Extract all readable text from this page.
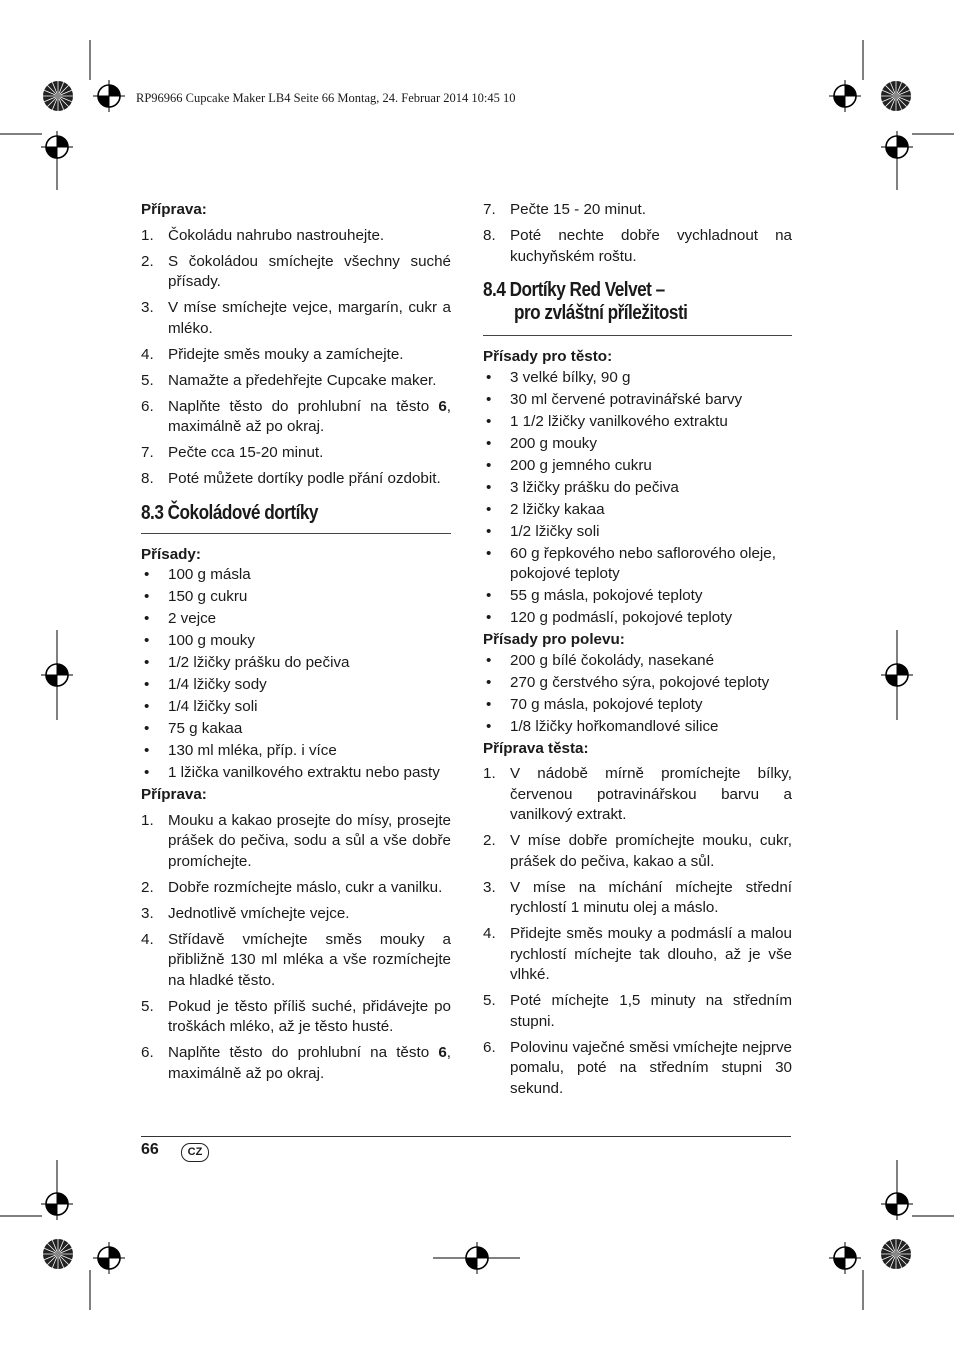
RP96966 Cupcake Maker LB4 Seite 66 Montag, 24. Februar 2014 10:45 10

Příprava:

1. Čokoládu nahrubo nastrouhejte.
2. S čokoládou smíchejte všechny suché přísady.
3. V míse smíchejte vejce, margarín, cukr a mléko.
4. Přidejte směs mouky a zamíchejte.
5. Namažte a předehřejte Cupcake maker.
6. Naplňte těsto do prohlubní na těsto 6, maximálně až po okraj.
7. Pečte cca 15-20 minut.
8. Poté můžete dortíky podle přání ozdobit.
8.3 Čokoládové dortíky

Přísady:

• 100 g másla
• 150 g cukru
• 2 vejce
• 100 g mouky
• 1/2 lžičky prášku do pečiva
• 1/4 lžičky sody
• 1/4 lžičky soli
• 75 g kakaa
• 130 ml mléka, příp. i více
• 1 lžička vanilkového extraktu nebo pasty

Příprava:

1. Mouku a kakao prosejte do mísy, prosejte prášek do pečiva, sodu a sůl a vše dobře promíchejte.
2. Dobře rozmíchejte máslo, cukr a vanilku.
3. Jednotlivě vmíchejte vejce.
4. Střídavě vmíchejte směs mouky a přibližně 130 ml mléka a vše rozmíchejte na hladké těsto.
5. Pokud je těsto příliš suché, přidávejte po troškách mléko, až je těsto husté.
6. Naplňte těsto do prohlubní na těsto 6, maximálně až po okraj.
7. Pečte 15 - 20 minut.
8. Poté nechte dobře vychladnout na kuchyňském roštu.
8.4 Dortíky Red Velvet –
pro zvláštní příležitosti

Přísady pro těsto:

• 3 velké bílky, 90 g
• 30 ml červené potravinářské barvy
• 1 1/2 lžičky vanilkového extraktu
• 200 g mouky
• 200 g jemného cukru
• 3 lžičky prášku do pečiva
• 2 lžičky kakaa
• 1/2 lžičky soli
• 60 g řepkového nebo saflorového oleje, pokojové teploty
• 55 g másla, pokojové teploty
• 120 g podmáslí, pokojové teploty

Přísady pro polevu:

• 200 g bílé čokolády, nasekané
• 270 g čerstvého sýra, pokojové teploty
• 70 g másla, pokojové teploty
• 1/8 lžičky hořkomandlové silice

Příprava těsta:

1. V nádobě mírně promíchejte bílky, červenou potravinářskou barvu a vanilkový extrakt.
2. V míse dobře promíchejte mouku, cukr, prášek do pečiva, kakao a sůl.
3. V míse na míchání míchejte střední rychlostí 1 minutu olej a máslo.
4. Přidejte směs mouky a podmáslí a malou rychlostí míchejte tak dlouho, až je vše vlhké.
5. Poté míchejte 1,5 minuty na středním stupni.
6. Polovinu vaječné směsi vmíchejte nejprve pomalu, poté na středním stupni 30 sekund.
66	CZ
